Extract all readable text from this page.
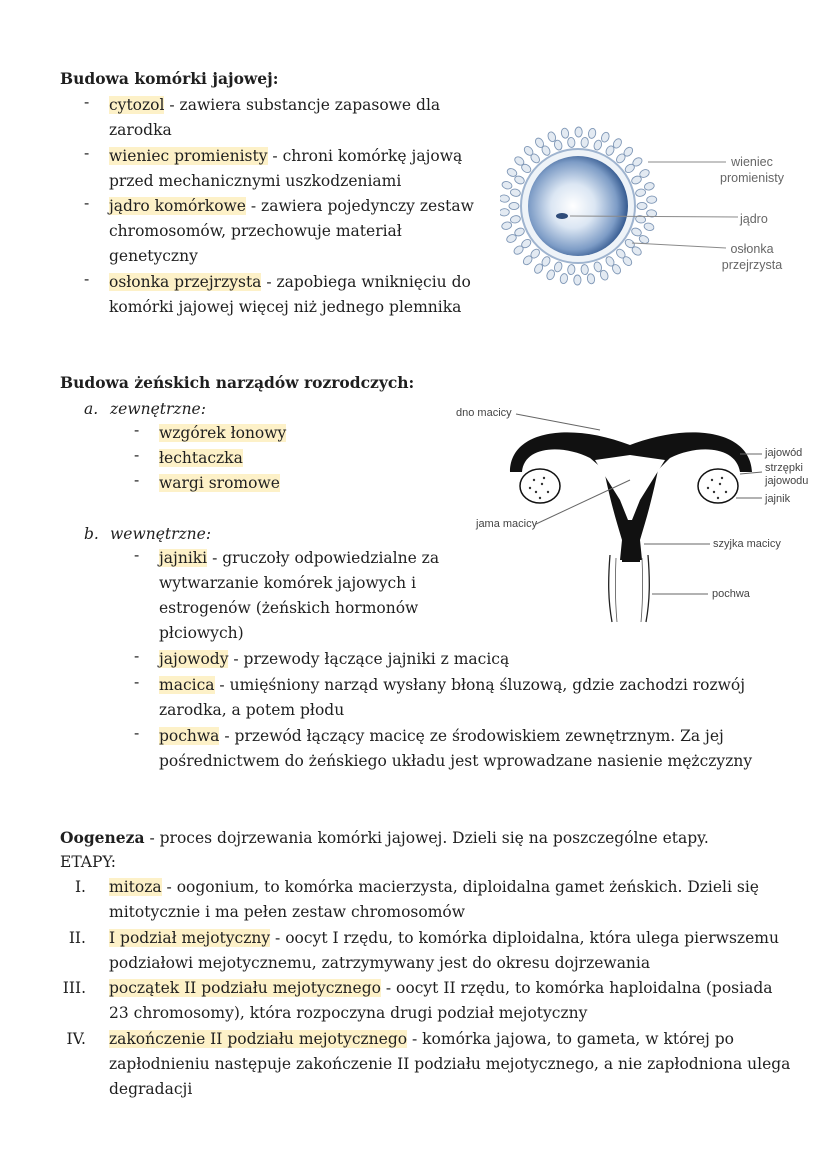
Budowa komórki jajowej:
- cytozol - zawiera substancje zapasowe dla
zarodka
- wieniec promienisty - chroni komórkę jajową
przed mechanicznymi uszkodzeniami
- jądro komórkowe - zawiera pojedynczy zestaw
chromosomów, przechowuje materiał
genetyczny
- osłonka przejrzysta - zapobiega wniknięciu do
komórki jajowej więcej niż jednego plemnika
wieniec
promienisty
jądro
osłonka
przejrzysta
Budowa żeńskich narządów rozrodczych:
a. zewnętrzne:
- wzgórek łonowy
- łechtaczka
- wargi sromowe
b. wewnętrzne:
- jajniki - gruczoły odpowiedzialne za
wytwarzanie komórek jajowych i
estrogenów (żeńskich hormonów
płciowych)
- jajowody - przewody łączące jajniki z macicą
- macica - umięśniony narząd wysłany błoną śluzową, gdzie zachodzi rozwój
zarodka, a potem płodu
- pochwa - przewód łączący macicę ze środowiskiem zewnętrznym. Za jej
pośrednictwem do żeńskiego układu jest wprowadzane nasienie mężczyzny
dno macicy
jama macicy
jajowód
strzępki
jajowodu
jajnik
szyjka macicy
pochwa
Oogeneza - proces dojrzewania komórki jajowej. Dzieli się na poszczególne etapy.
ETAPY:
I. mitoza - oogonium, to komórka macierzysta, diploidalna gamet żeńskich. Dzieli się
mitotycznie i ma pełen zestaw chromosomów
II. I podział mejotyczny - oocyt I rzędu, to komórka diploidalna, która ulega pierwszemu
podziałowi mejotycznemu, zatrzymywany jest do okresu dojrzewania
III. początek II podziału mejotycznego - oocyt II rzędu, to komórka haploidalna (posiada
23 chromosomy), która rozpoczyna drugi podział mejotyczny
IV. zakończenie II podziału mejotycznego - komórka jajowa, to gameta, w której po
zapłodnieniu następuje zakończenie II podziału mejotycznego, a nie zapłodniona ulega
degradacji
